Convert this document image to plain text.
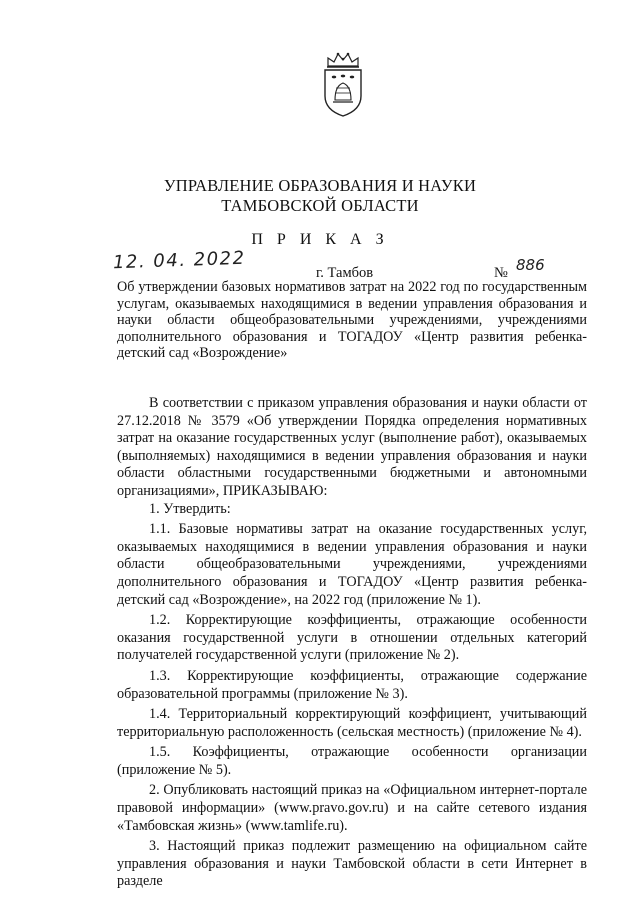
УПРАВЛЕНИЕ ОБРАЗОВАНИЯ И НАУКИ
ТАМБОВСКОЙ ОБЛАСТИ
П Р И К А З
12. 04. 2022	г. Тамбов	№ 886
Об утверждении базовых нормативов затрат на 2022 год по государственным услугам, оказываемых находящимися в ведении управления образования и науки области общеобразовательными учреждениями, учреждениями дополнительного образования и ТОГАДОУ «Центр развития ребенка-детский сад «Возрождение»

В соответствии с приказом управления образования и науки области от 27.12.2018 № 3579 «Об утверждении Порядка определения нормативных затрат на оказание государственных услуг (выполнение работ), оказываемых (выполняемых) находящимися в ведении управления образования и науки области областными государственными бюджетными и автономными организациями», ПРИКАЗЫВАЮ:

1. Утвердить:

1.1. Базовые нормативы затрат на оказание государственных услуг, оказываемых находящимися в ведении управления образования и науки области общеобразовательными учреждениями, учреждениями дополнительного образования и ТОГАДОУ «Центр развития ребенка-детский сад «Возрождение», на 2022 год (приложение № 1).

1.2. Корректирующие коэффициенты, отражающие особенности оказания государственной услуги в отношении отдельных категорий получателей государственной услуги (приложение № 2).

1.3. Корректирующие коэффициенты, отражающие содержание образовательной программы (приложение № 3).

1.4. Территориальный корректирующий коэффициент, учитывающий территориальную расположенность (сельская местность) (приложение № 4).

1.5. Коэффициенты, отражающие особенности организации (приложение № 5).

2. Опубликовать настоящий приказ на «Официальном интернет-портале правовой информации» (www.pravo.gov.ru) и на сайте сетевого издания «Тамбовская жизнь» (www.tamlife.ru).

3. Настоящий приказ подлежит размещению на официальном сайте управления образования и науки Тамбовской области в сети Интернет в разделе
